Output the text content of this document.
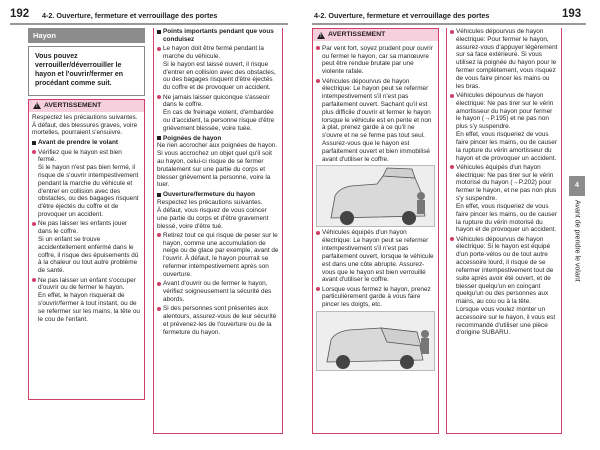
192 4-2. Ouverture, fermeture et verrouillage des portes	4-2. Ouverture, fermeture et verrouillage des portes	193
Hayon
Vous pouvez verrouiller/déverrouiller le hayon et l'ouvrir/fermer en procédant comme suit.
!
AVERTISSEMENT

Respectez les précautions suivantes.
À défaut, des blessures graves, voire mortelles, pourraient s'ensuivre.

Avant de prendre le volant
Vérifiez que le hayon est bien fermé.
Si le hayon n'est pas bien fermé, il risque de s'ouvrir intempestivement pendant la marche du véhicule et d'entrer en collision avec des obstacles, ou des bagages risquent d'être éjectés du coffre et de provoquer un accident.
Ne pas laisser les enfants jouer dans le coffre.
Si un enfant se trouve accidentellement enfermé dans le coffre, il risque des épuisements dû à la chaleur ou tout autre problème de santé.
Ne pas laisser un enfant s'occuper d'ouvrir ou de fermer le hayon.
En effet, le hayon risquerait de s'ouvrir/fermer à tout instant, ou de se refermer sur les mains, la tête ou le cou de l'enfant.
Points importants pendant que vous conduisez
Le hayon doit être fermé pendant la marche du véhicule.
Si le hayon est laissé ouvert, il risque d'entrer en collision avec des obstacles, ou des bagages risquent d'être éjectés du coffre et de provoquer un accident.
Ne jamais laisser quiconque s'asseoir dans le coffre.
En cas de freinage violent, d'embardée ou d'accident, la personne risque d'être grièvement blessée, voire tuée.
Poignées de hayon

Ne rien accrocher aux poignées de hayon.
Si vous accrochez un objet quel qu'il soit au hayon, celui-ci risque de se fermer brutalement sur une partie du corps et blesser grièvement la personne, voire la tuer.

Ouverture/fermeture du hayon

Respectez les précautions suivantes.
À défaut, vous risquez de vous coincer une partie du corps et d'être gravement blessé, voire d'être tué.

Retirez tout ce qui risque de peser sur le hayon, comme une accumulation de neige ou de glace par exemple, avant de l'ouvrir. À défaut, le hayon pourrait se refermer intempestivement après son ouverture.
Avant d'ouvrir ou de fermer le hayon, vérifiez soigneusement la sécurité des abords.
Si des personnes sont présentes aux alentours, assurez-vous de leur sécurité et prévenez-les de l'ouverture ou de la fermeture du hayon.
!
AVERTISSEMENT
Par vent fort, soyez prudent pour ouvrir ou fermer le hayon, car sa manœuvre peut être rendue brutale par une violente rafale.
Véhicules dépourvus de hayon électrique: Le hayon peut se refermer intempestivement s'il n'est pas parfaitement ouvert. Sachant qu'il est plus difficile d'ouvrir et fermer le hayon lorsque le véhicule est en pente et non à plat, prenez garde à ce qu'il ne s'ouvre et ne se ferme pas tout seul. Assurez-vous que le hayon est parfaitement ouvert et bien immobilisé avant d'utiliser le coffre.
Véhicules équipés d'un hayon électrique: Le hayon peut se refermer intempestivement s'il n'est pas parfaitement ouvert, lorsque le véhicule est dans une côte abrupte. Assurez-vous que le hayon est bien verrouillé avant d'utiliser le coffre.
Lorsque vous fermez le hayon, prenez particulièrement garde à vous faire pincer les doigts, etc.
Véhicules dépourvus de hayon électrique: Pour fermer le hayon, assurez-vous d'appuyer légèrement sur sa face extérieure. Si vous utilisez la poignée du hayon pour le fermer complètement, vous risquez de vous faire pincer les mains ou les bras.
Véhicules dépourvus de hayon électrique: Ne pas tirer sur le vérin amortisseur du hayon pour fermer le hayon (→P.195) et ne pas non plus s'y suspendre.
En effet, vous risqueriez de vous faire pincer les mains, ou de causer la rupture du vérin amortisseur du hayon et de provoquer un accident.
Véhicules équipés d'un hayon électrique: Ne pas tirer sur le vérin motorisé du hayon (→P.202) pour fermer le hayon, et ne pas non plus s'y suspendre.
En effet, vous risqueriez de vous faire pincer les mains, ou de causer la rupture du vérin motorisé du hayon et de provoquer un accident.
Véhicules dépourvus de hayon électrique: Si le hayon est équipé d'un porte-vélos ou de tout autre accessoire lourd, il risque de se refermer intempestivement tout de suite après avoir été ouvert, et de blesser quelqu'un en coinçant quelqu'un ou des personnes aux mains, au cou ou à la tête.
Lorsque vous voulez monter un accessoire sur le hayon, il vous est recommandé d'utiliser une pièce d'origine SUBARU.
4
Avant de prendre le volant
